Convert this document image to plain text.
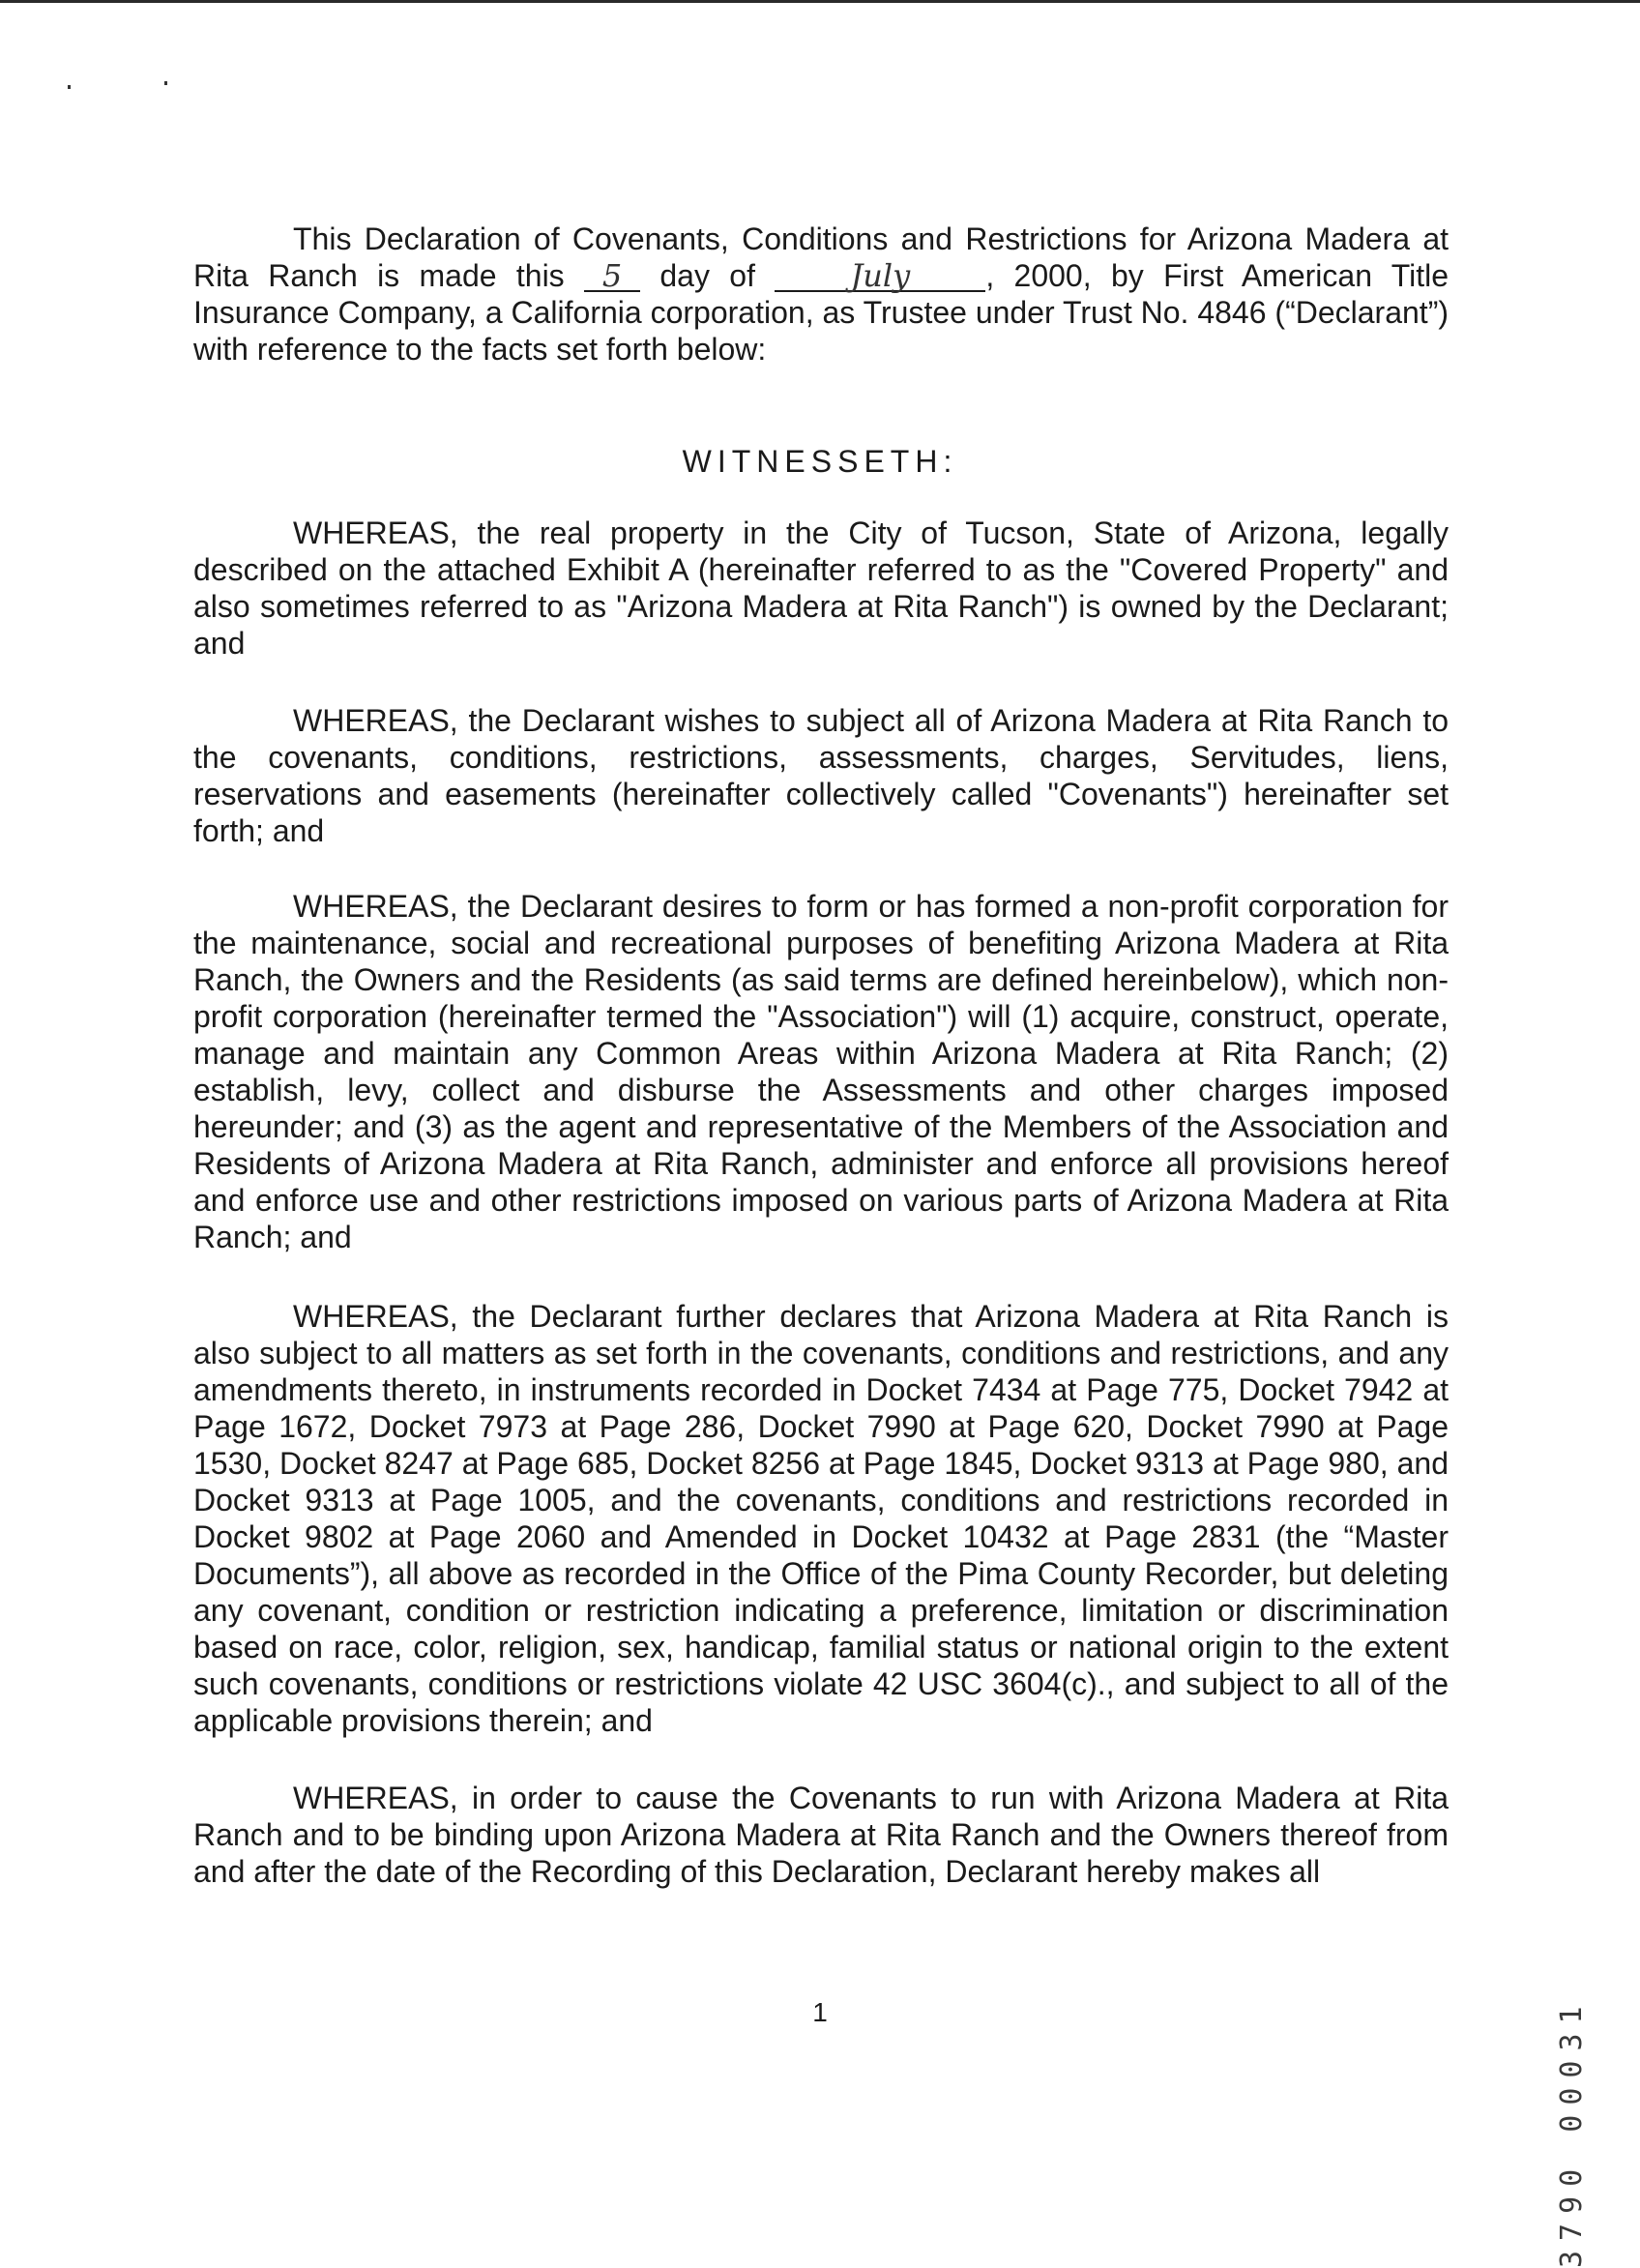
This Declaration of Covenants, Conditions and Restrictions for Arizona Madera at Rita Ranch is made this 5 day of July , 2000, by First American Title Insurance Company, a California corporation, as Trustee under Trust No. 4846 (“Declarant”) with reference to the facts set forth below:

WITNESSETH:

WHEREAS, the real property in the City of Tucson, State of Arizona, legally described on the attached Exhibit A (hereinafter referred to as the "Covered Property" and also sometimes referred to as "Arizona Madera at Rita Ranch") is owned by the Declarant; and

WHEREAS, the Declarant wishes to subject all of Arizona Madera at Rita Ranch to the covenants, conditions, restrictions, assessments, charges, Servitudes, liens, reservations and easements (hereinafter collectively called "Covenants") hereinafter set forth; and

WHEREAS, the Declarant desires to form or has formed a non-profit corporation for the maintenance, social and recreational purposes of benefiting Arizona Madera at Rita Ranch, the Owners and the Residents (as said terms are defined hereinbelow), which non-profit corporation (hereinafter termed the "Association") will (1) acquire, construct, operate, manage and maintain any Common Areas within Arizona Madera at Rita Ranch; (2) establish, levy, collect and disburse the Assessments and other charges imposed hereunder; and (3) as the agent and representative of the Members of the Association and Residents of Arizona Madera at Rita Ranch, administer and enforce all provisions hereof and enforce use and other restrictions imposed on various parts of Arizona Madera at Rita Ranch; and

WHEREAS, the Declarant further declares that Arizona Madera at Rita Ranch is also subject to all matters as set forth in the covenants, conditions and restrictions, and any amendments thereto, in instruments recorded in Docket 7434 at Page 775, Docket 7942 at Page 1672, Docket 7973 at Page 286, Docket 7990 at Page 620, Docket 7990 at Page 1530, Docket 8247 at Page 685, Docket 8256 at Page 1845, Docket 9313 at Page 980, and Docket 9313 at Page 1005, and the covenants, conditions and restrictions recorded in Docket 9802 at Page 2060 and Amended in Docket 10432 at Page 2831 (the “Master Documents”), all above as recorded in the Office of the Pima County Recorder, but deleting any covenant, condition or restriction indicating a preference, limitation or discrimination based on race, color, religion, sex, handicap, familial status or national origin to the extent such covenants, conditions or restrictions violate 42 USC 3604(c)., and subject to all of the applicable provisions therein; and

WHEREAS, in order to cause the Covenants to run with Arizona Madera at Rita Ranch and to be binding upon Arizona Madera at Rita Ranch and the Owners thereof from and after the date of the Recording of this Declaration, Declarant hereby makes all

1	3790 00031
